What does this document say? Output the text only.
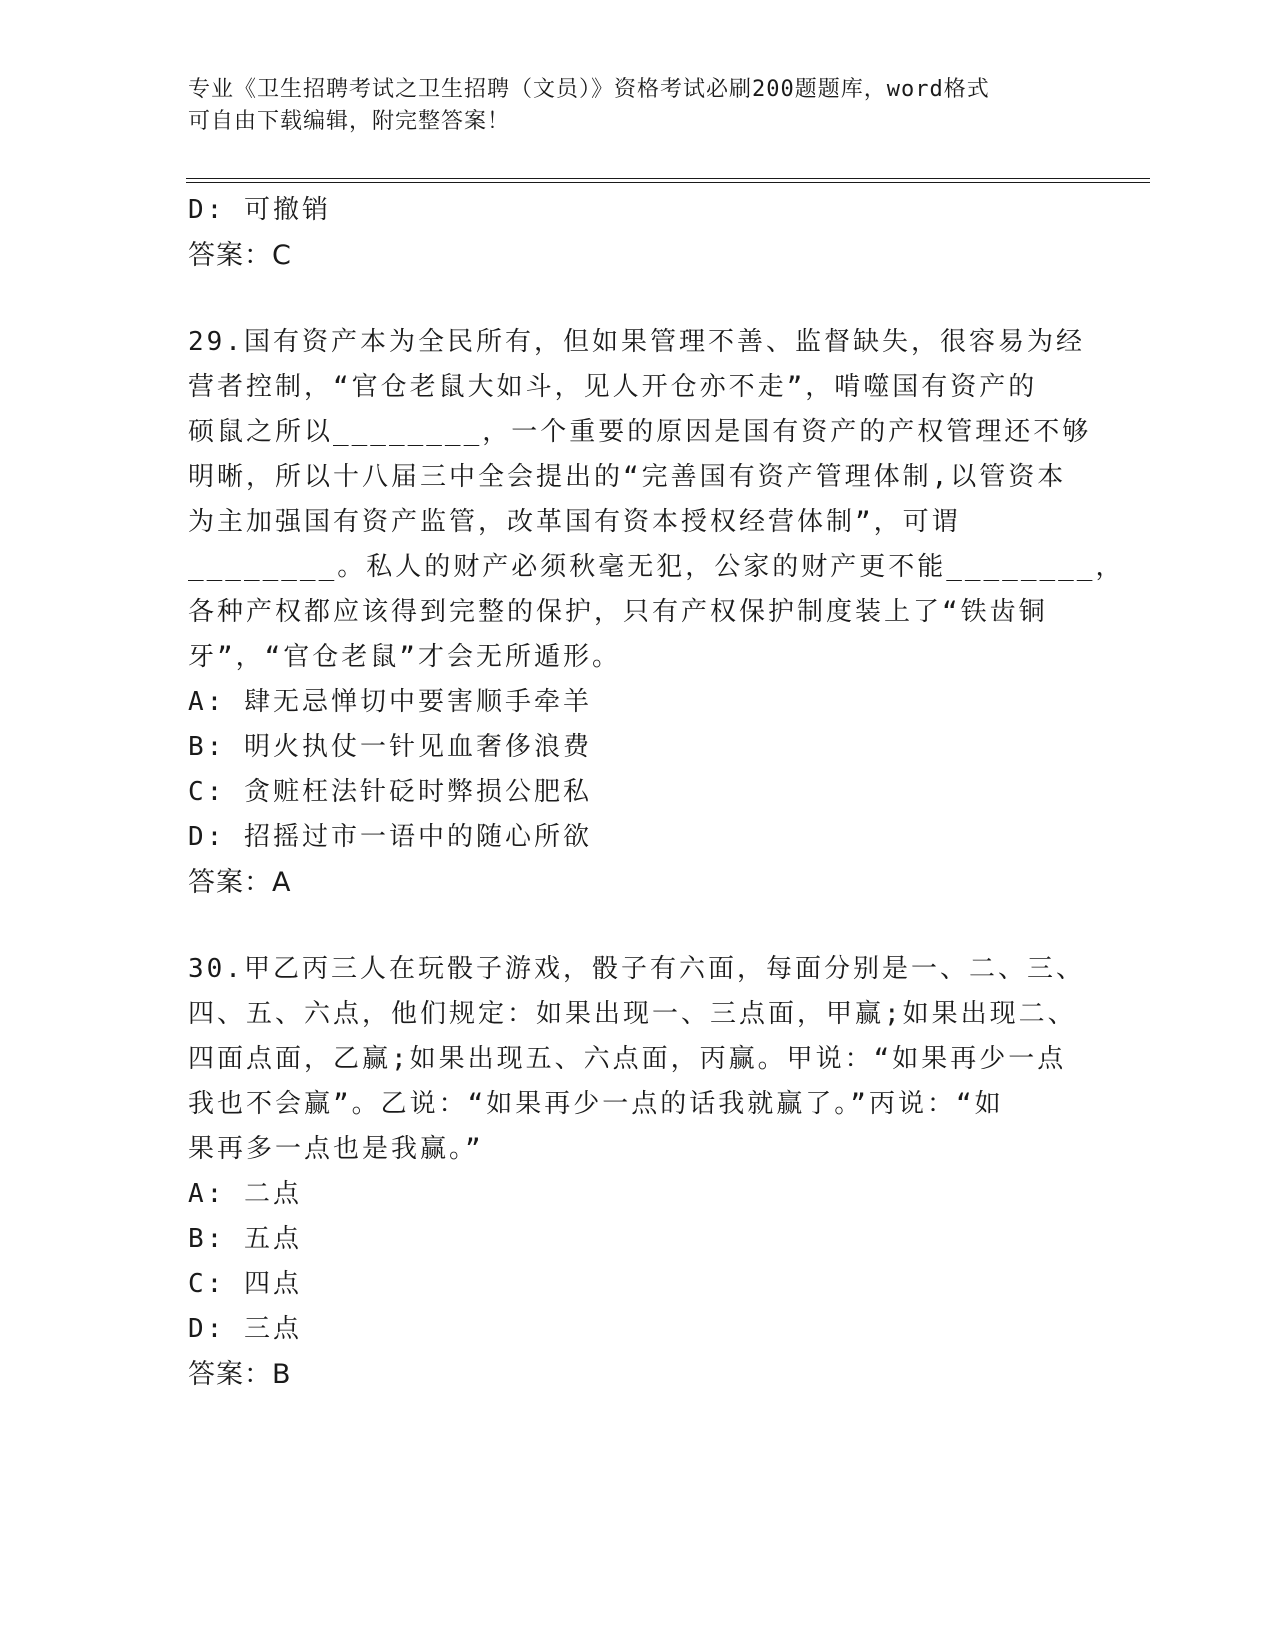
专业《卫生招聘考试之卫生招聘（文员）》资格考试必刷200题题库，word格式
可自由下载编辑，附完整答案！
D: 可撤销
答案：C
29.国有资产本为全民所有，但如果管理不善、监督缺失，很容易为经
营者控制，“官仓老鼠大如斗，见人开仓亦不走”，啃噬国有资产的
硕鼠之所以________，一个重要的原因是国有资产的产权管理还不够
明晰，所以十八届三中全会提出的“完善国有资产管理体制,以管资本
为主加强国有资产监管，改革国有资本授权经营体制”，可谓
________。私人的财产必须秋毫无犯，公家的财产更不能________，
各种产权都应该得到完整的保护，只有产权保护制度装上了“铁齿铜
牙”，“官仓老鼠”才会无所遁形。
A: 肆无忌惮切中要害顺手牵羊
B: 明火执仗一针见血奢侈浪费
C: 贪赃枉法针砭时弊损公肥私
D: 招摇过市一语中的随心所欲
答案：A
30.甲乙丙三人在玩骰子游戏，骰子有六面，每面分别是一、二、三、
四、五、六点，他们规定：如果出现一、三点面，甲赢;如果出现二、
四面点面，乙赢;如果出现五、六点面，丙赢。甲说：“如果再少一点
我也不会赢”。乙说：“如果再少一点的话我就赢了。”丙说：“如
果再多一点也是我赢。”
A: 二点
B: 五点
C: 四点
D: 三点
答案：B
